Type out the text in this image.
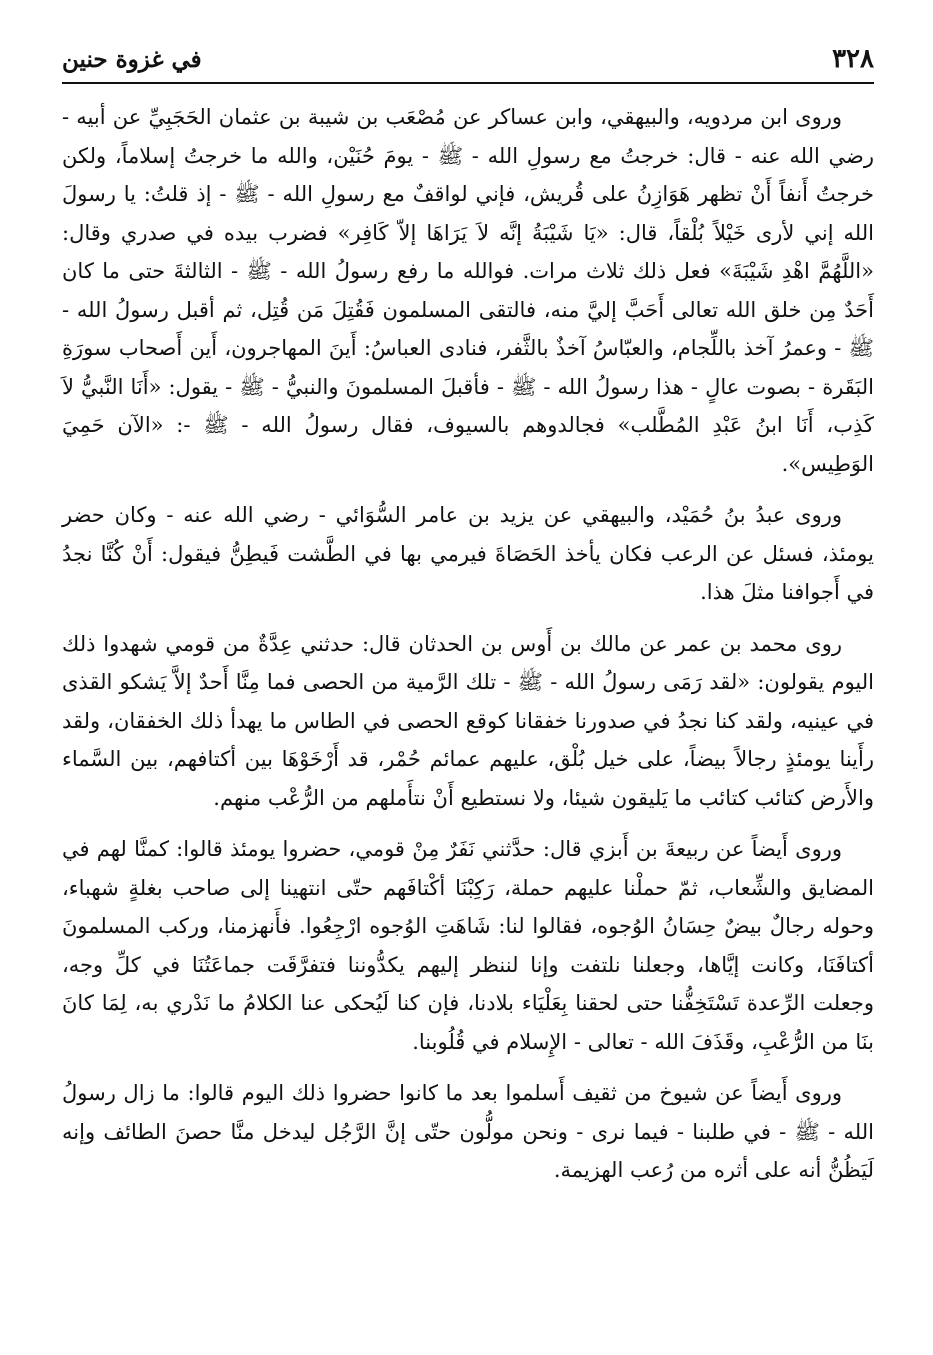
٣٢٨
في غزوة حنين

وروى ابن مردويه، والبيهقي، وابن عساكر عن مُصْعَب بن شيبة بن عثمان الحَجَبِيِّ عن أبيه - رضي الله عنه - قال: خرجتُ مع رسولِ الله - ﷺ - يومَ حُنَيْن، والله ما خرجتُ إسلاماً، ولكن خرجتُ أَنفاً أَنْ تظهر هَوَازِنُ على قُريش، فإني لواقفٌ مع رسولِ الله - ﷺ - إذ قلتُ: يا رسولَ الله إني لأرى خَيْلاً بُلْقاً، قال: «يَا شَيْبَةُ إنَّه لاَ يَرَاهَا إلاّ كَافِر» فضرب بيده في صدري وقال: «اللَّهُمَّ اهْدِ شَيْبَةَ» فعل ذلك ثلاث مرات. فوالله ما رفع رسولُ الله - ﷺ - الثالثةَ حتى ما كان أَحَدٌ مِن خلق الله تعالى أَحَبَّ إليَّ منه، فالتقى المسلمون فَقُتِلَ مَن قُتِل، ثم أقبل رسولُ الله - ﷺ - وعمرُ آخذ باللِّجام، والعبّاسُ آخذٌ بالثَّفر، فنادى العباسُ: أَينَ المهاجرون، أَين أَصحاب سورَةِ البَقَرة - بصوت عالٍ - هذا رسولُ الله - ﷺ - فأقبلَ المسلمونَ والنبيُّ - ﷺ - يقول: «أَنَا النَّبيُّ لاَ كَذِب، أَنَا ابنُ عَبْدِ المُطَّلب» فجالدوهم بالسيوف، فقال رسولُ الله - ﷺ -: «الآن حَمِيَ الوَطِيس».

وروى عبدُ بنُ حُمَيْد، والبيهقي عن يزيد بن عامر السُّوَائي - رضي الله عنه - وكان حضر يومئذ، فسئل عن الرعب فكان يأخذ الحَصَاةَ فيرمي بها في الطَّشت فَيطِنُّ فيقول: أَنْ كُنَّا نجدُ في أَجوافنا مثلَ هذا.

روى محمد بن عمر عن مالك بن أَوس بن الحدثان قال: حدثني عِدَّةٌ من قومي شهدوا ذلك اليوم يقولون: «لقد رَمَى رسولُ الله - ﷺ - تلك الرَّمية من الحصى فما مِنَّا أَحدٌ إلاَّ يَشكو القذى في عينيه، ولقد كنا نجدُ في صدورنا خفقانا كوقع الحصى في الطاس ما يهدأ ذلك الخفقان، ولقد رأَينا يومئذٍ رجالاً بيضاً، على خيل بُلْق، عليهم عمائم حُمْر، قد أَرْخَوْهَا بين أكتافهم، بين السَّماء والأَرض كتائب كتائب ما يَليقون شيئا، ولا نستطيع أَنْ نتأَملهم من الرُّعْب منهم.

وروى أَيضاً عن ربيعةَ بن أَبزي قال: حدَّثني نَفَرٌ مِنْ قومي، حضروا يومئذ قالوا: كمنَّا لهم في المضايق والشِّعاب، ثمّ حملْنا عليهم حملة، رَكِبْنَا أكْتافَهم حتّى انتهينا إلى صاحب بغلةٍ شهباء، وحوله رجالٌ بيضٌ حِسَانُ الوُجوه، فقالوا لنا: شَاهَتِ الوُجوه ارْجِعُوا. فأَنهزمنا، وركب المسلمونَ أكتافَنَا، وكانت إيَّاها، وجعلنا نلتفت وإنا لننظر إليهم يكدُّوننا فتفرَّقَت جماعَتُنَا في كلِّ وجه، وجعلت الرِّعدة تَسْتَخِفُّنا حتى لحقنا بِعَلْيَاء بلادنا، فإن كنا لَيُحكى عنا الكلامُ ما نَدْري به، لِمَا كانَ بنَا من الرُّعْبِ، وقَذَفَ الله - تعالى - الإِسلام في قُلُوبنا.

وروى أَيضاً عن شيوخ من ثقيف أَسلموا بعد ما كانوا حضروا ذلك اليوم قالوا: ما زال رسولُ الله - ﷺ - في طلبنا - فيما نرى - ونحن مولُّون حتّى إنَّ الرَّجُل ليدخل منَّا حصنَ الطائف وإنه لَيَظُنُّ أنه على أثره من رُعب الهزيمة.
